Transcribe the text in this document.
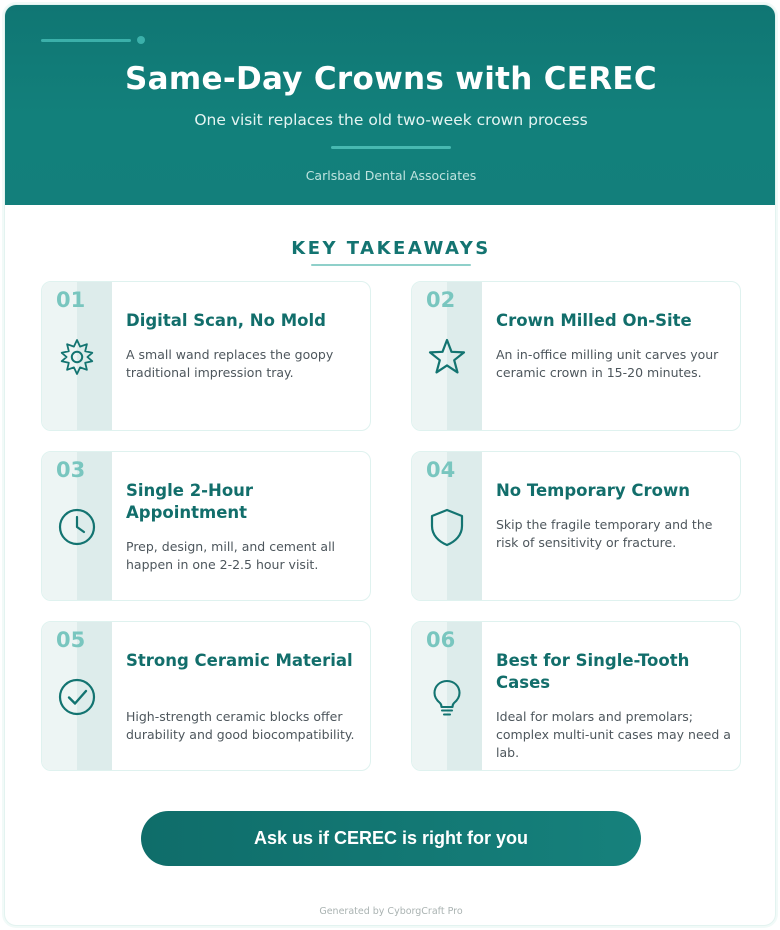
Same-Day Crowns with CEREC
One visit replaces the old two-week crown process
Carlsbad Dental Associates
KEY TAKEAWAYS
01
Digital Scan, No Mold
A small wand replaces the goopy traditional impression tray.
02
Crown Milled On-Site
An in-office milling unit carves your ceramic crown in 15-20 minutes.
03
Single 2-Hour Appointment
Prep, design, mill, and cement all happen in one 2-2.5 hour visit.
04
No Temporary Crown
Skip the fragile temporary and the risk of sensitivity or fracture.
05
Strong Ceramic Material
High-strength ceramic blocks offer durability and good biocompatibility.
06
Best for Single-Tooth Cases
Ideal for molars and premolars; complex multi-unit cases may need a lab.
Ask us if CEREC is right for you
Generated by CyborgCraft Pro
